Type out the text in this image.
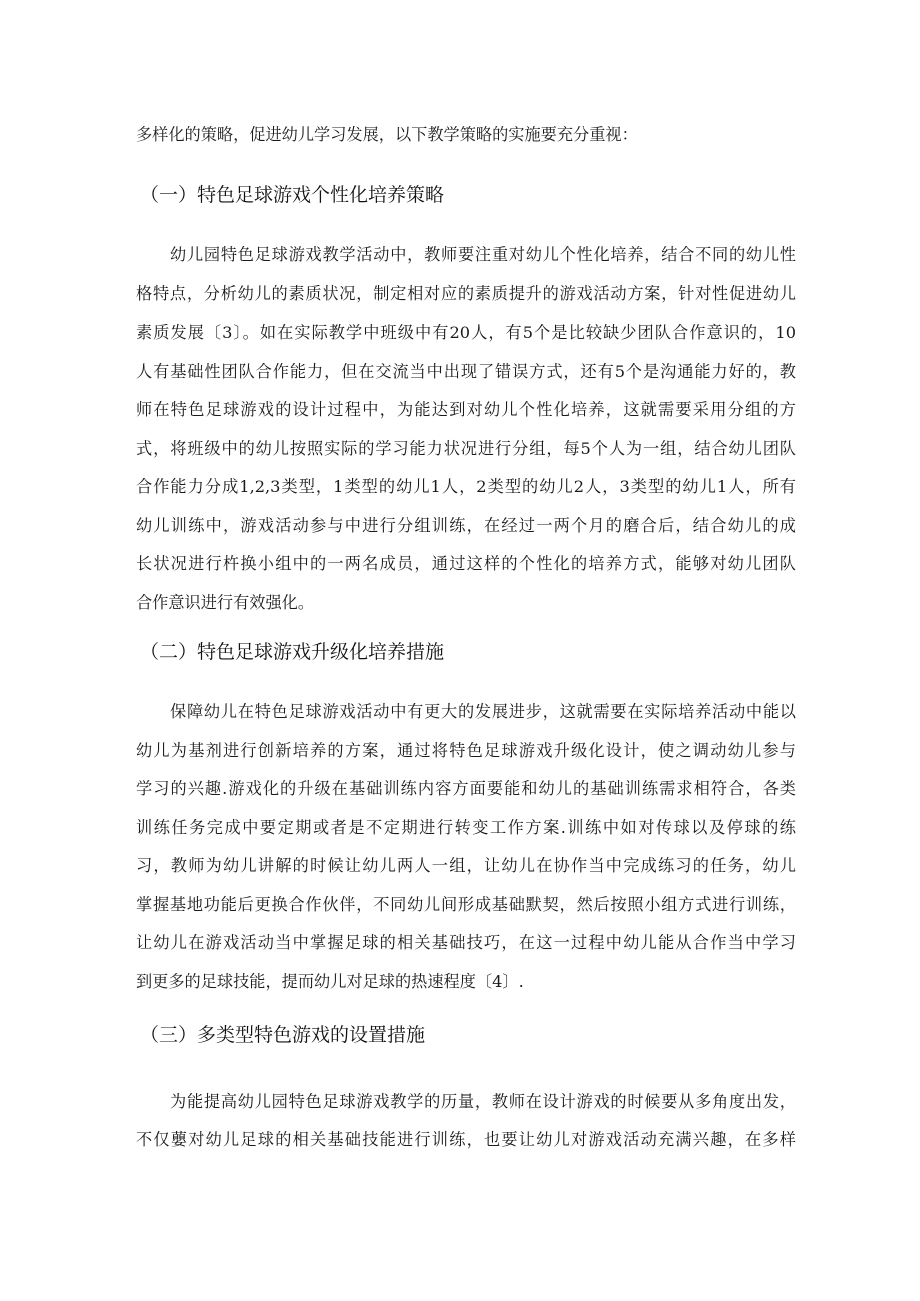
多样化的策略，促进幼儿学习发展，以下教学策略的实施要充分重视：
（一）特色足球游戏个性化培养策略
幼儿园特色足球游戏教学活动中，教师要注重对幼儿个性化培养，结合不同的幼儿性
格特点，分析幼儿的素质状况，制定相对应的素质提升的游戏活动方案，针对性促进幼儿
素质发展〔3〕。如在实际教学中班级中有20人，有5个是比较缺少团队合作意识的，10
人有基础性团队合作能力，但在交流当中出现了错误方式，还有5个是沟通能力好的，教
师在特色足球游戏的设计过程中，为能达到对幼儿个性化培养，这就需要采用分组的方
式，将班级中的幼儿按照实际的学习能力状况进行分组，每5个人为一组，结合幼儿团队
合作能力分成1,2,3类型，1类型的幼儿1人，2类型的幼儿2人，3类型的幼儿1人，所有
幼儿训练中，游戏活动参与中进行分组训练，在经过一两个月的磨合后，结合幼儿的成
长状况进行杵换小组中的一两名成员，通过这样的个性化的培养方式，能够对幼儿团队
合作意识进行有效强化。
（二）特色足球游戏升级化培养措施
保障幼儿在特色足球游戏活动中有更大的发展进步，这就需要在实际培养活动中能以
幼儿为基剂进行创新培养的方案，通过将特色足球游戏升级化设计，使之调动幼儿参与
学习的兴趣.游戏化的升级在基础训练内容方面要能和幼儿的基础训练需求相符合，各类
训练任务完成中要定期或者是不定期进行转变工作方案.训练中如对传球以及停球的练
习，教师为幼儿讲解的时候让幼儿两人一组，让幼儿在协作当中完成练习的任务，幼儿
掌握基地功能后更换合作伙伴，不同幼儿间形成基础默契，然后按照小组方式进行训练，
让幼儿在游戏活动当中掌握足球的相关基础技巧，在这一过程中幼儿能从合作当中学习
到更多的足球技能，提而幼儿对足球的热速程度〔4〕.
（三）多类型特色游戏的设置措施
为能提高幼儿园特色足球游戏教学的历量，教师在设计游戏的时候要从多角度出发，
不仅蘡对幼儿足球的相关基础技能进行训练，也要让幼儿对游戏活动充满兴趣，在多样
